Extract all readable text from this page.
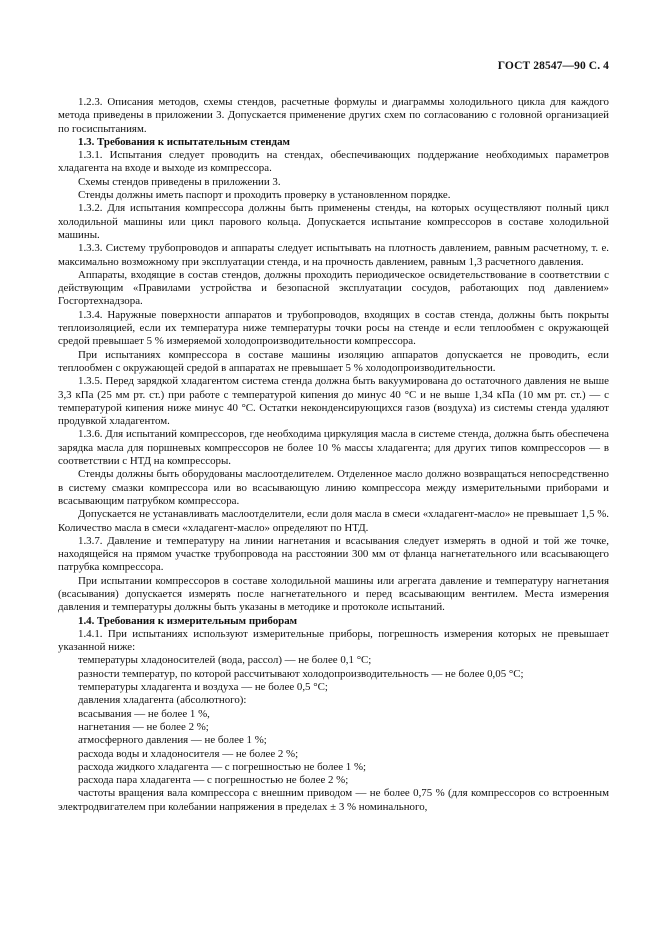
ГОСТ 28547—90 С. 4

1.2.3. Описания методов, схемы стендов, расчетные формулы и диаграммы холодильного цикла для каждого метода приведены в приложении 3. Допускается применение других схем по согласованию с головной организацией по госиспытаниям.

1.3. Требования к испытательным стендам

1.3.1. Испытания следует проводить на стендах, обеспечивающих поддержание необходимых параметров хладагента на входе и выходе из компрессора.

Схемы стендов приведены в приложении 3.

Стенды должны иметь паспорт и проходить проверку в установленном порядке.

1.3.2. Для испытания компрессора должны быть применены стенды, на которых осуществляют полный цикл холодильной машины или цикл парового кольца. Допускается испытание компрессоров в составе холодильной машины.

1.3.3. Систему трубопроводов и аппараты следует испытывать на плотность давлением, равным расчетному, т. е. максимально возможному при эксплуатации стенда, и на прочность давлением, равным 1,3 расчетного давления.

Аппараты, входящие в состав стендов, должны проходить периодическое освидетельствование в соответствии с действующим «Правилами устройства и безопасной эксплуатации сосудов, работающих под давлением» Госгортехнадзора.

1.3.4. Наружные поверхности аппаратов и трубопроводов, входящих в состав стенда, должны быть покрыты теплоизоляцией, если их температура ниже температуры точки росы на стенде и если теплообмен с окружающей средой превышает 5 % измеряемой холодопроизводительности компрессора.

При испытаниях компрессора в составе машины изоляцию аппаратов допускается не проводить, если теплообмен с окружающей средой в аппаратах не превышает 5 % холодопроизводительности.

1.3.5. Перед зарядкой хладагентом система стенда должна быть вакуумирована до остаточного давления не выше 3,3 кПа (25 мм рт. ст.) при работе с температурой кипения до минус 40 °C и не выше 1,34 кПа (10 мм рт. ст.) — с температурой кипения ниже минус 40 °C. Остатки неконденсирующихся газов (воздуха) из системы стенда удаляют продувкой хладагентом.

1.3.6. Для испытаний компрессоров, где необходима циркуляция масла в системе стенда, должна быть обеспечена зарядка масла для поршневых компрессоров не более 10 % массы хладагента; для других типов компрессоров — в соответствии с НТД на компрессоры.

Стенды должны быть оборудованы маслоотделителем. Отделенное масло должно возвращаться непосредственно в систему смазки компрессора или во всасывающую линию компрессора между измерительными приборами и всасывающим патрубком компрессора.

Допускается не устанавливать маслоотделители, если доля масла в смеси «хладагент-масло» не превышает 1,5 %. Количество масла в смеси «хладагент-масло» определяют по НТД.

1.3.7. Давление и температуру на линии нагнетания и всасывания следует измерять в одной и той же точке, находящейся на прямом участке трубопровода на расстоянии 300 мм от фланца нагнетательного или всасывающего патрубка компрессора.

При испытании компрессоров в составе холодильной машины или агрегата давление и температуру нагнетания (всасывания) допускается измерять после нагнетательного и перед всасывающим вентилем. Места измерения давления и температуры должны быть указаны в методике и протоколе испытаний.

1.4. Требования к измерительным приборам

1.4.1. При испытаниях используют измерительные приборы, погрешность измерения которых не превышает указанной ниже:

температуры хладоносителей (вода, рассол) — не более 0,1 °C;

разности температур, по которой рассчитывают холодопроизводительность — не более 0,05 °C;

температуры хладагента и воздуха — не более 0,5 °C;

давления хладагента (абсолютного):

всасывания — не более 1 %,

нагнетания — не более 2 %;

атмосферного давления — не более 1 %;

расхода воды и хладоносителя — не более 2 %;

расхода жидкого хладагента — с погрешностью не более 1 %;

расхода пара хладагента — с погрешностью не более 2 %;

частоты вращения вала компрессора с внешним приводом — не более 0,75 % (для компрессоров со встроенным электродвигателем при колебании напряжения в пределах ± 3 % номинального,
